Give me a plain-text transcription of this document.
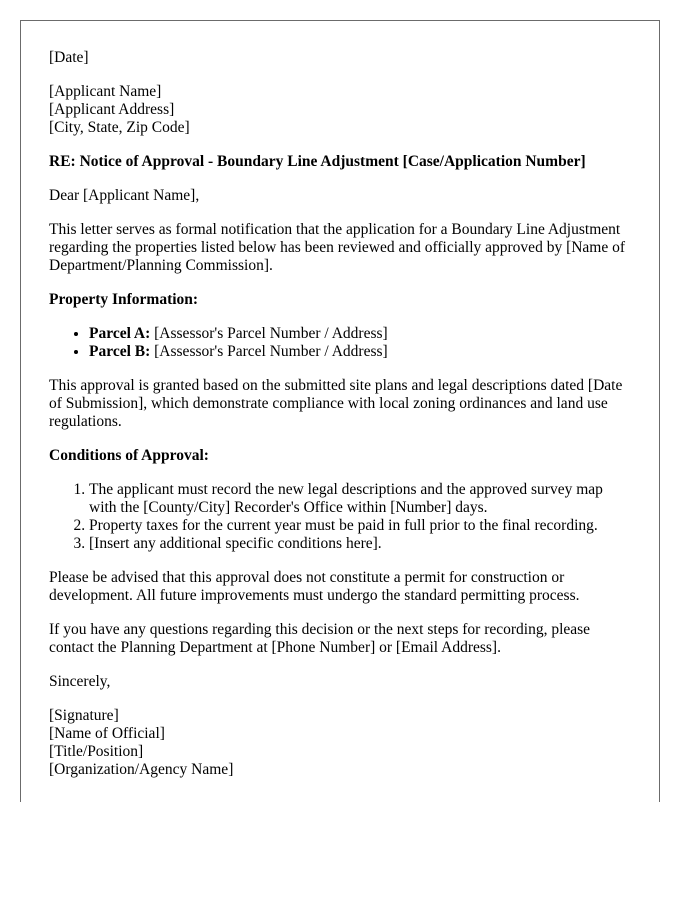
[Date]

[Applicant Name]
[Applicant Address]
[City, State, Zip Code]

RE: Notice of Approval - Boundary Line Adjustment [Case/Application Number]

Dear [Applicant Name],

This letter serves as formal notification that the application for a Boundary Line Adjustment regarding the properties listed below has been reviewed and officially approved by [Name of Department/Planning Commission].

Property Information:

• Parcel A: [Assessor's Parcel Number / Address]
• Parcel B: [Assessor's Parcel Number / Address]

This approval is granted based on the submitted site plans and legal descriptions dated [Date of Submission], which demonstrate compliance with local zoning ordinances and land use regulations.

Conditions of Approval:

1. The applicant must record the new legal descriptions and the approved survey map with the [County/City] Recorder's Office within [Number] days.
2. Property taxes for the current year must be paid in full prior to the final recording.
3. [Insert any additional specific conditions here].

Please be advised that this approval does not constitute a permit for construction or development. All future improvements must undergo the standard permitting process.

If you have any questions regarding this decision or the next steps for recording, please contact the Planning Department at [Phone Number] or [Email Address].

Sincerely,

[Signature]
[Name of Official]
[Title/Position]
[Organization/Agency Name]
